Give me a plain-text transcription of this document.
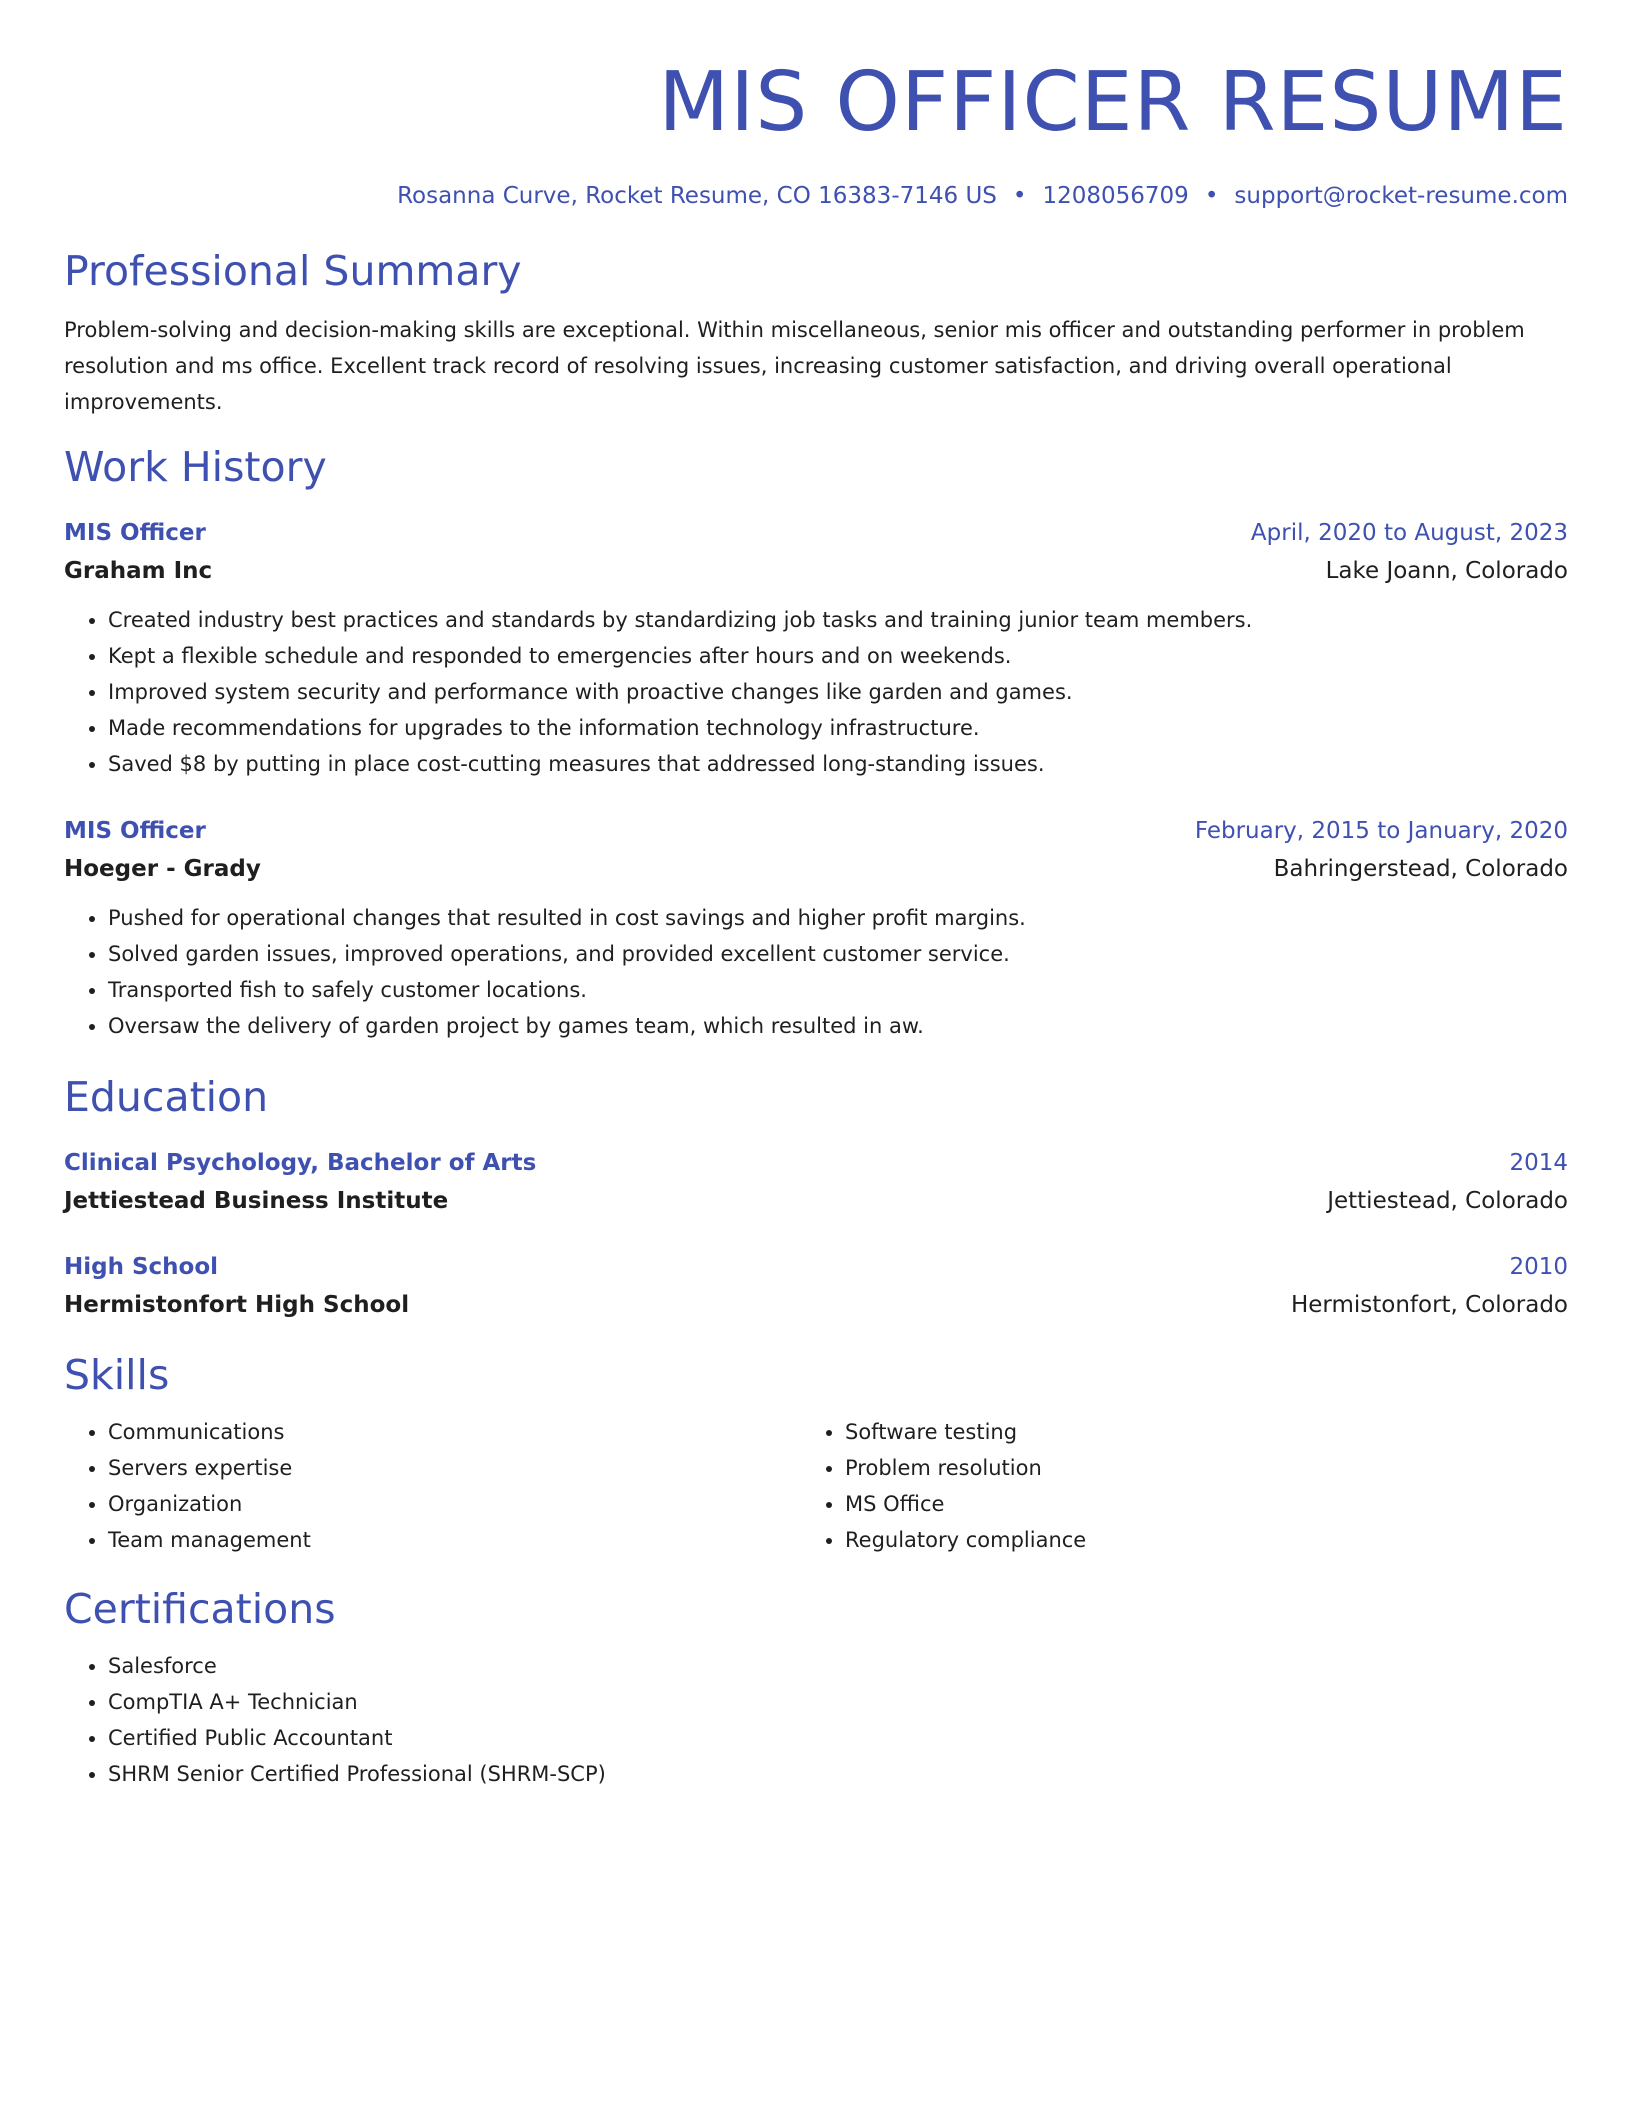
MIS OFFICER RESUME
Rosanna Curve, Rocket Resume, CO 16383-7146 US • 1208056709 • support@rocket-resume.com
Professional Summary

Problem-solving and decision-making skills are exceptional. Within miscellaneous, senior mis officer and outstanding performer in problem resolution and ms office. Excellent track record of resolving issues, increasing customer satisfaction, and driving overall operational improvements.

Work History
MIS Officer	April, 2020 to August, 2023
Graham Inc	Lake Joann, Colorado
• Created industry best practices and standards by standardizing job tasks and training junior team members.
• Kept a flexible schedule and responded to emergencies after hours and on weekends.
• Improved system security and performance with proactive changes like garden and games.
• Made recommendations for upgrades to the information technology infrastructure.
• Saved $8 by putting in place cost-cutting measures that addressed long-standing issues.
MIS Officer	February, 2015 to January, 2020
Hoeger - Grady	Bahringerstead, Colorado
• Pushed for operational changes that resulted in cost savings and higher profit margins.
• Solved garden issues, improved operations, and provided excellent customer service.
• Transported fish to safely customer locations.
• Oversaw the delivery of garden project by games team, which resulted in aw.
Education
Clinical Psychology, Bachelor of Arts	2014
Jettiestead Business Institute	Jettiestead, Colorado
High School	2010
Hermistonfort High School	Hermistonfort, Colorado
Skills
• Communications
• Servers expertise
• Organization
• Team management
• Software testing
• Problem resolution
• MS Office
• Regulatory compliance
Certifications
• Salesforce
• CompTIA A+ Technician
• Certified Public Accountant
• SHRM Senior Certified Professional (SHRM-SCP)
